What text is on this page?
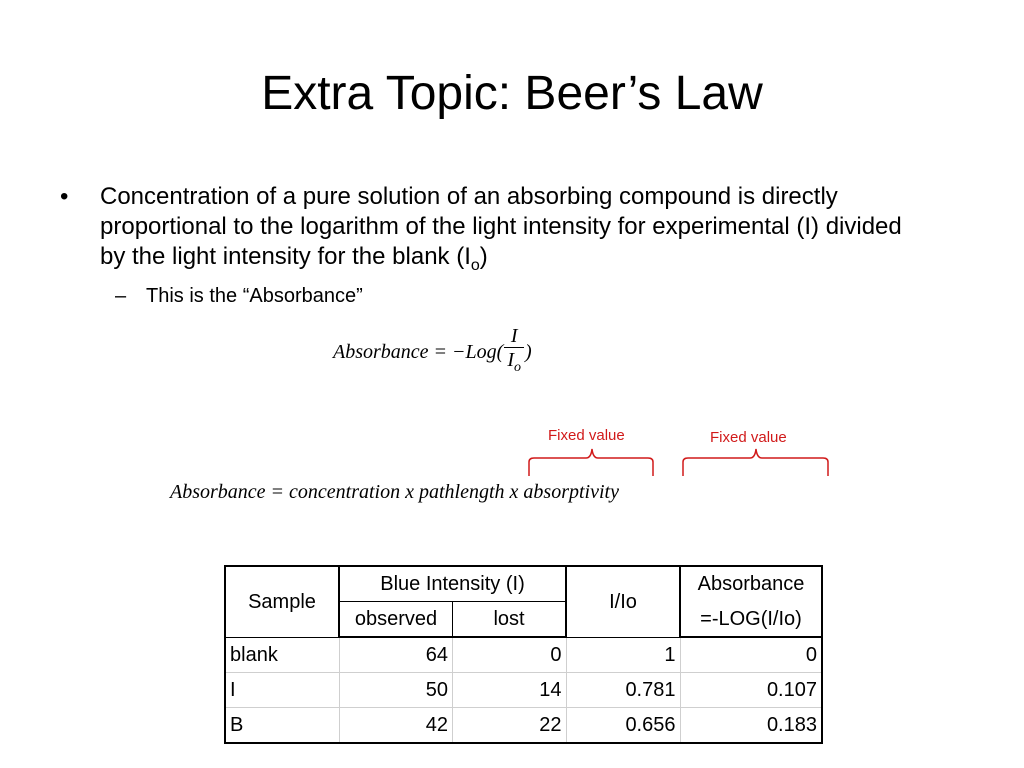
Extra Topic: Beer’s Law
• Concentration of a pure solution of an absorbing compound is directly proportional to the logarithm of the light intensity for experimental (I) divided by the light intensity for the blank $(I_o)$
– This is the “Absorbance”
Absorbance = $-Log( \frac{I}{I_o}$ )
Fixed value	Fixed value
Absorbance = concentration x pathlength x absorptivity
Sample	Blue Intensity (I)		I/Io	Absorbance
	observed	lost		=-LOG(I/Io)
blank	64	0	1	0
I	50	14	0.781	0.107
B	42	22	0.656	0.183
